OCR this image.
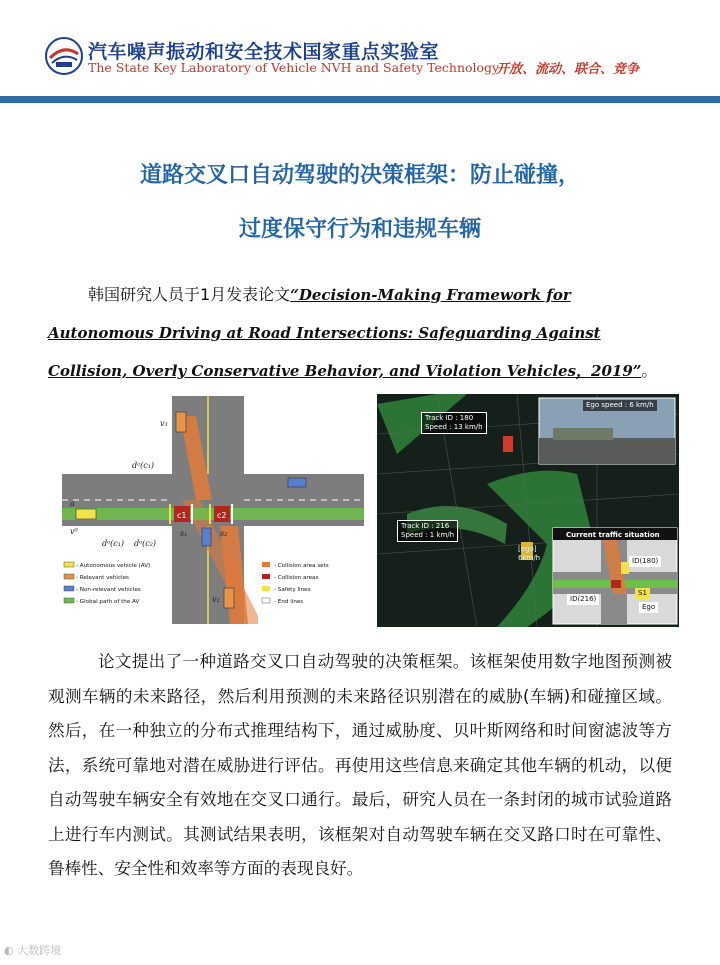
汽车噪声振动和安全技术国家重点实验室
The State Key Laboratory of Vehicle NVH and Safety Technology
开放、流动、联合、竞争
道路交叉口自动驾驶的决策框架：防止碰撞，
过度保守行为和违规车辆
韩国研究人员于1月发表论文“Decision-Making Framework for Autonomous Driving at Road Intersections: Safeguarding Against Collision, Overly Conservative Behavior, and Violation Vehicles，2019”。
c1	c2
v₃
a
v⁰
dᵃ(c₁)
dᵃ(c₁) dᵃ(c₂)
s₁	s₂
v₂
- Autonomous vehicle (AV)
- Relevant vehicles
- Non-relevant vehicles
- Global path of the AV
- Collision area sets
- Collision areas
- Safety lines
- End lines
Track ID : 180
Speed : 13 km/h
Track ID : 216
Speed : 1 km/h
Ego speed : 6 km/h
Current traffic situation
[ego]
6km/h	ID(180)
ID(216)
S1
Ego
论文提出了一种道路交叉口自动驾驶的决策框架。该框架使用数字地图预测被观测车辆的未来路径，然后利用预测的未来路径识别潜在的威胁(车辆)和碰撞区域。然后，在一种独立的分布式推理结构下，通过威胁度、贝叶斯网络和时间窗滤波等方法，系统可靠地对潜在威胁进行评估。再使用这些信息来确定其他车辆的机动，以便自动驾驶车辆安全有效地在交叉口通行。最后，研究人员在一条封闭的城市试验道路上进行车内测试。其测试结果表明，该框架对自动驾驶车辆在交叉路口时在可靠性、鲁棒性、安全性和效率等方面的表现良好。
◐ 大数跨境
